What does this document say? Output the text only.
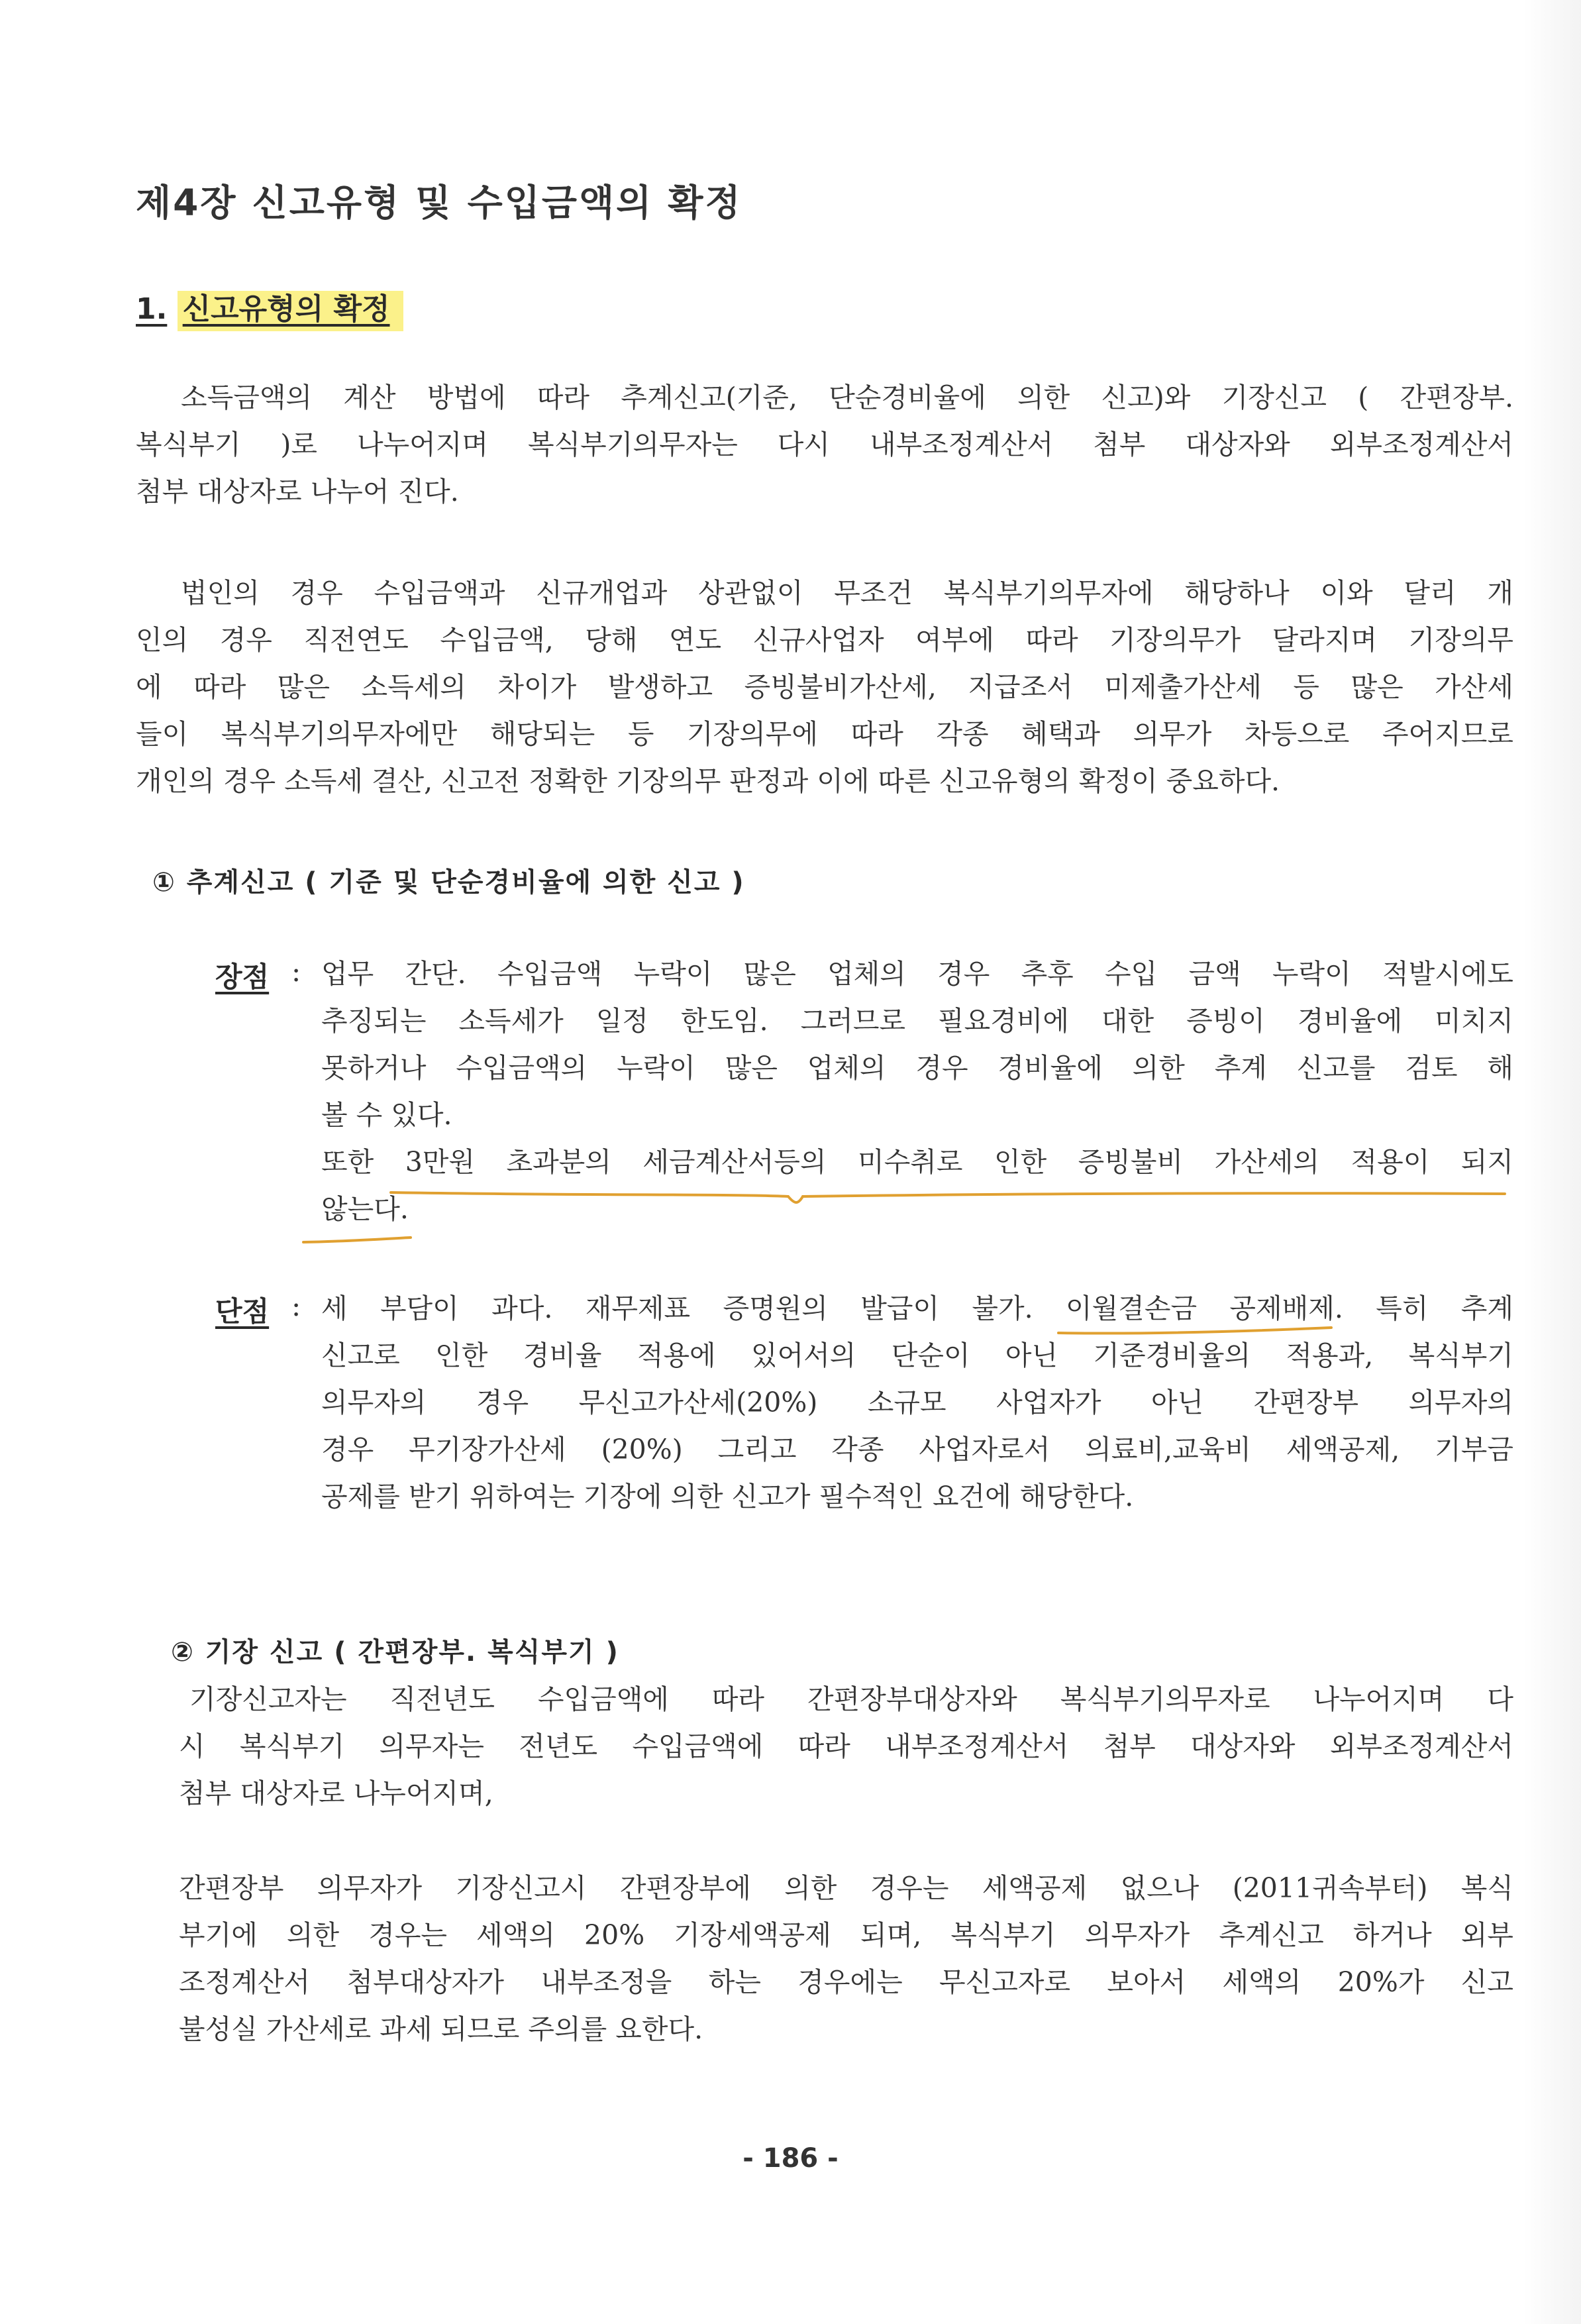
제4장 신고유형 및 수입금액의 확정
1. 신고유형의 확정
소득금액의 계산 방법에 따라 추계신고(기준, 단순경비율에 의한 신고)와 기장신고 ( 간편장부.
복식부기 )로 나누어지며 복식부기의무자는 다시 내부조정계산서 첨부 대상자와 외부조정계산서
첨부 대상자로 나누어 진다.
법인의 경우 수입금액과 신규개업과 상관없이 무조건 복식부기의무자에 해당하나 이와 달리 개
인의 경우 직전연도 수입금액, 당해 연도 신규사업자 여부에 따라 기장의무가 달라지며 기장의무
에 따라 많은 소득세의 차이가 발생하고 증빙불비가산세, 지급조서 미제출가산세 등 많은 가산세
들이 복식부기의무자에만 해당되는 등 기장의무에 따라 각종 혜택과 의무가 차등으로 주어지므로
개인의 경우 소득세 결산, 신고전 정확한 기장의무 판정과 이에 따른 신고유형의 확정이 중요하다.
① 추계신고 ( 기준 및 단순경비율에 의한 신고 )
장점 : 업무 간단. 수입금액 누락이 많은 업체의 경우 추후 수입 금액 누락이 적발시에도
추징되는 소득세가 일정 한도임. 그러므로 필요경비에 대한 증빙이 경비율에 미치지
못하거나 수입금액의 누락이 많은 업체의 경우 경비율에 의한 추계 신고를 검토 해
볼 수 있다.
또한 3만원 초과분의 세금계산서등의 미수취로 인한 증빙불비 가산세의 적용이 되지
않는다.
단점 : 세 부담이 과다. 재무제표 증명원의 발급이 불가. 이월결손금 공제배제. 특히 추계
신고로 인한 경비율 적용에 있어서의 단순이 아닌 기준경비율의 적용과, 복식부기
의무자의 경우 무신고가산세(20%) 소규모 사업자가 아닌 간편장부 의무자의
경우 무기장가산세 (20%) 그리고 각종 사업자로서 의료비,교육비 세액공제, 기부금
공제를 받기 위하여는 기장에 의한 신고가 필수적인 요건에 해당한다.
② 기장 신고 ( 간편장부. 복식부기 )
기장신고자는 직전년도 수입금액에 따라 간편장부대상자와 복식부기의무자로 나누어지며 다
시 복식부기 의무자는 전년도 수입금액에 따라 내부조정계산서 첨부 대상자와 외부조정계산서
첨부 대상자로 나누어지며,
간편장부 의무자가 기장신고시 간편장부에 의한 경우는 세액공제 없으나 (2011귀속부터) 복식
부기에 의한 경우는 세액의 20% 기장세액공제 되며, 복식부기 의무자가 추계신고 하거나 외부
조정계산서 첨부대상자가 내부조정을 하는 경우에는 무신고자로 보아서 세액의 20%가 신고
불성실 가산세로 과세 되므로 주의를 요한다.
- 186 -
